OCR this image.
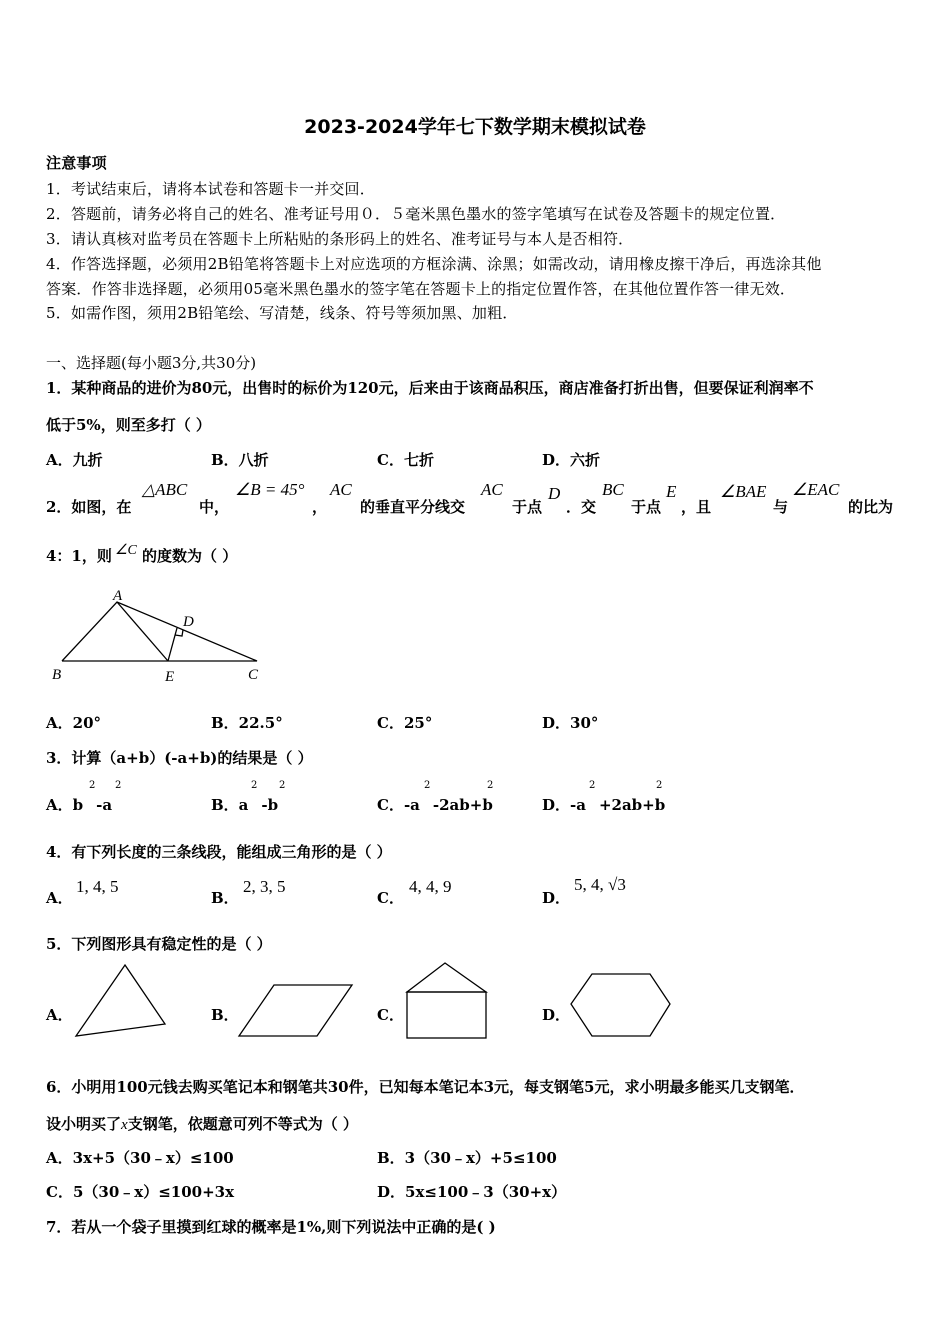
2023-2024学年七下数学期末模拟试卷
注意事项
1．考试结束后，请将本试卷和答题卡一并交回．
2．答题前，请务必将自己的姓名、准考证号用０．５毫米黑色墨水的签字笔填写在试卷及答题卡的规定位置．
3．请认真核对监考员在答题卡上所粘贴的条形码上的姓名、准考证号与本人是否相符．
4．作答选择题，必须用2B铅笔将答题卡上对应选项的方框涂满、涂黑；如需改动，请用橡皮擦干净后，再选涂其他
答案．作答非选择题，必须用05毫米黑色墨水的签字笔在答题卡上的指定位置作答，在其他位置作答一律无效．
5．如需作图，须用2B铅笔绘、写清楚，线条、符号等须加黑、加粗．
一、选择题(每小题3分,共30分)
1．某种商品的进价为80元，出售时的标价为120元，后来由于该商品积压，商店准备打折出售，但要保证利润率不
低于5%，则至多打（ ）
A．九折	B．八折	C．七折	D．六折
2．如图，在
△ABC
中，
∠B = 45°
，
AC
的垂直平分线交
AC
于点
D
．交
BC
于点
E
，且
∠BAE
与
∠EAC
的比为
4：1，则 ∠C 的度数为（ ）
A
D
B	E	C
A．20°	B．22.5°	C．25°	D．30°
3．计算（a+b）(-a+b)的结果是（ ）
A．b -a
2 2
B．a -b
2 2
C．-a -2ab+b
2	2
D．-a +2ab+b
2	2
4．有下列长度的三条线段，能组成三角形的是（ ）
A．
1, 4, 5
B．
2, 3, 5
C．
4, 4, 9
D．
5, 4, √3
5．下列图形具有稳定性的是（ ）
A．	B．	C．	D．
6．小明用100元钱去购买笔记本和钢笔共30件，已知每本笔记本3元，每支钢笔5元，求小明最多能买几支钢笔．
设小明买了x支钢笔，依题意可列不等式为（ ）
A．3x+5（30﹣x）≤100	B．3（30﹣x）+5≤100
C．5（30﹣x）≤100+3x	D．5x≤100﹣3（30+x）
7．若从一个袋子里摸到红球的概率是1%,则下列说法中正确的是( )
